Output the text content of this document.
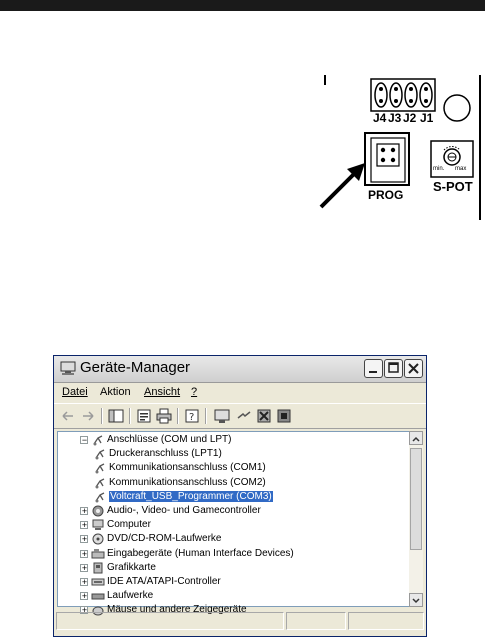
J4 J3 J2 J1
PROG
S-POT
min. max
Geräte-Manager
Datei Aktion Ansicht ?
?
− Anschlüsse (COM und LPT)
Druckeranschluss (LPT1)
Kommunikationsanschluss (COM1)
Kommunikationsanschluss (COM2)
Voltcraft_USB_Programmer (COM3)
+ Audio-, Video- und Gamecontroller
+ Computer
+ DVD/CD-ROM-Laufwerke
+ Eingabegeräte (Human Interface Devices)
+ Grafikkarte
+ IDE ATA/ATAPI-Controller
+ Laufwerke
+ Mäuse und andere Zeigegeräte
